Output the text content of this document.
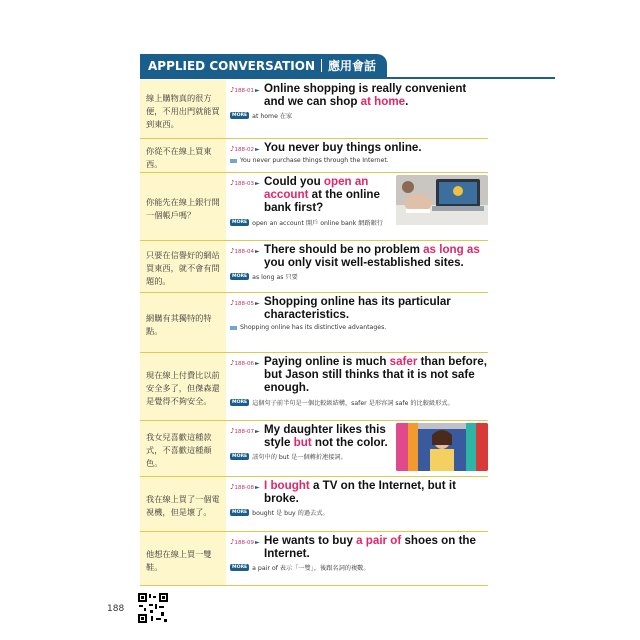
APPLIED CONVERSATION 應用會話
線上購物真的很方
便，不用出門就能買
到東西。
♪188-01► Online shopping is really convenient and we can shop at home.
MORE at home 在家
你從不在線上買東
西。
♪188-02► You never buy things online.
You never purchase things through the Internet.
你能先在線上銀行開
一個帳戶嗎？
♪188-03► Could you open an account at the online bank first?
MORE open an account 開戶 online bank 網路銀行
只要在信譽好的網站
買東西，就不會有問
題的。
♪188-04► There should be no problem as long as you only visit well-established sites.
MORE as long as 只要
網購有其獨特的特
點。
♪188-05► Shopping online has its particular characteristics.
Shopping online has its distinctive advantages.
現在線上付費比以前
安全多了，但傑森還
是覺得不夠安全。
♪188-06► Paying online is much safer than before, but Jason still thinks that it is not safe enough.
MORE 這個句子前半句是一個比較級結構，safer 是形容詞 safe 的比較級形式。
我女兒喜歡這種款
式，不喜歡這種顏
色。
♪188-07► My daughter likes this style but not the color.
MORE 該句中的 but 是一個轉折連接詞。
我在線上買了一個電
視機，但是壞了。
♪188-08► I bought a TV on the Internet, but it broke.
MORE bought 是 buy 的過去式。
他想在線上買一雙
鞋。
♪188-09► He wants to buy a pair of shoes on the Internet.
MORE a pair of 表示「一雙」，後跟名詞的複數。
188
